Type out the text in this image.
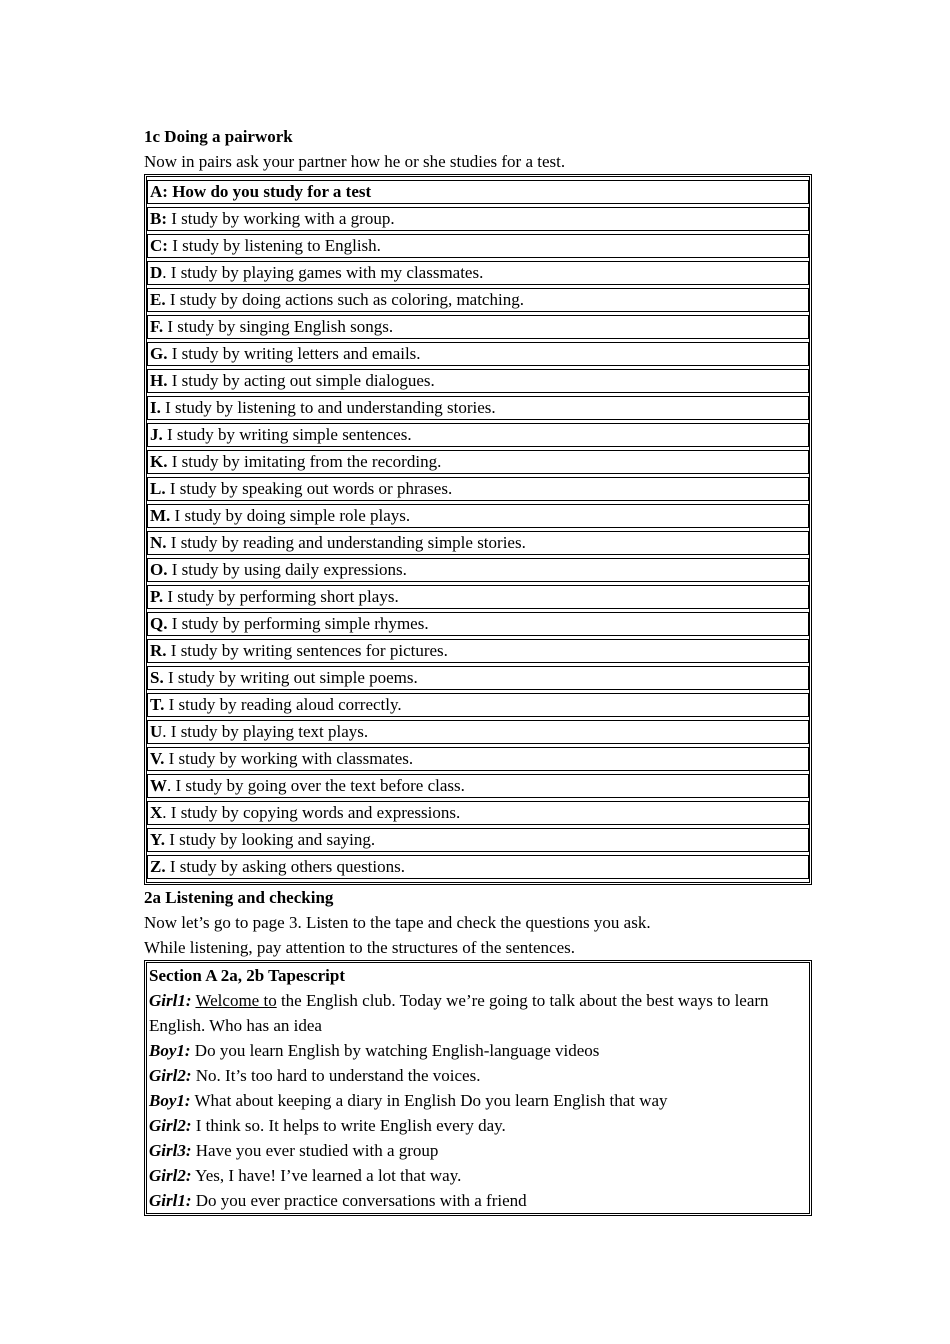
1c Doing a pairwork
Now in pairs ask your partner how he or she studies for a test.
A: How do you study for a test
B: I study by working with a group.
C: I study by listening to English.
D. I study by playing games with my classmates.
E. I study by doing actions such as coloring, matching.
F. I study by singing English songs.
G. I study by writing letters and emails.
H. I study by acting out simple dialogues.
I. I study by listening to and understanding stories.
J. I study by writing simple sentences.
K. I study by imitating from the recording.
L. I study by speaking out words or phrases.
M. I study by doing simple role plays.
N. I study by reading and understanding simple stories.
O. I study by using daily expressions.
P. I study by performing short plays.
Q. I study by performing simple rhymes.
R. I study by writing sentences for pictures.
S. I study by writing out simple poems.
T. I study by reading aloud correctly.
U. I study by playing text plays.
V. I study by working with classmates.
W. I study by going over the text before class.
X. I study by copying words and expressions.
Y. I study by looking and saying.
Z. I study by asking others questions.
2a Listening and checking
Now let’s go to page 3. Listen to the tape and check the questions you ask.
While listening, pay attention to the structures of the sentences.
Section A 2a, 2b Tapescript
Girl1: Welcome to the English club. Today we’re going to talk about the best ways to learn English. Who has an idea
Boy1: Do you learn English by watching English-language videos
Girl2: No. It’s too hard to understand the voices.
Boy1: What about keeping a diary in English Do you learn English that way
Girl2: I think so. It helps to write English every day.
Girl3: Have you ever studied with a group
Girl2: Yes, I have! I’ve learned a lot that way.
Girl1: Do you ever practice conversations with a friend
